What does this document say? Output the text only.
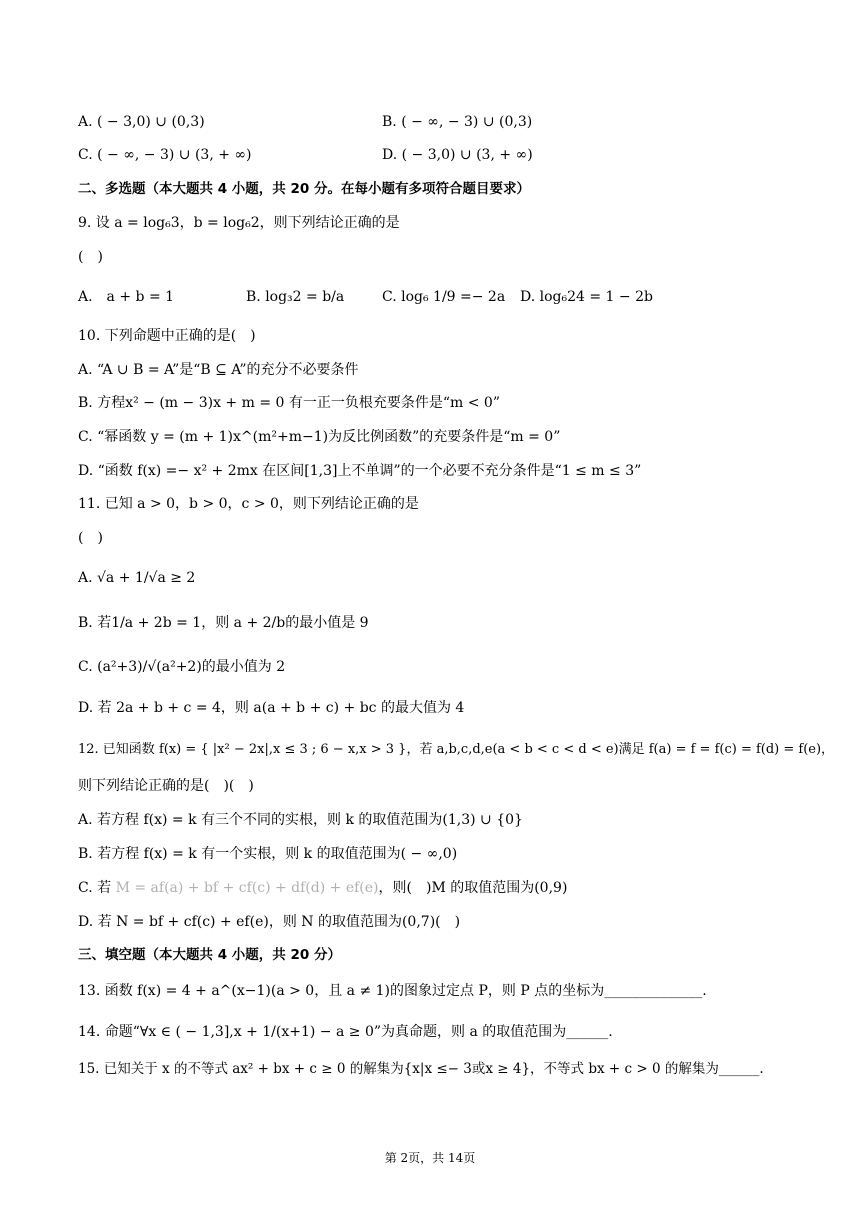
A. ( − 3,0) ∪ (0,3)	B. ( − ∞, − 3) ∪ (0,3)
C. ( − ∞, − 3) ∪ (3, + ∞)	D. ( − 3,0) ∪ (3, + ∞)
二、多选题（本大题共 4 小题，共 20 分。在每小题有多项符合题目要求）
9. 设 a = log₆3，b = log₆2，则下列结论正确的是
(　)
A.　a + b = 1	B. log₃2 = b/a	C. log₆ 1/9 =− 2a D. log₆24 = 1 − 2b
10. 下列命题中正确的是(　)
A. “A ∪ B = A”是“B ⊆ A”的充分不必要条件
B. 方程x² − (m − 3)x + m = 0 有一正一负根充要条件是“m < 0”
C. “幂函数 y = (m + 1)x^(m²+m−1)为反比例函数”的充要条件是“m = 0”
D. “函数 f(x) =− x² + 2mx 在区间[1,3]上不单调”的一个必要不充分条件是“1 ≤ m ≤ 3”
11. 已知 a > 0，b > 0，c > 0，则下列结论正确的是
(　)
A. √a + 1/√a ≥ 2
B. 若1/a + 2b = 1，则 a + 2/b的最小值是 9
C. (a²+3)/√(a²+2)的最小值为 2
D. 若 2a + b + c = 4，则 a(a + b + c) + bc 的最大值为 4
12. 已知函数 f(x) = { |x² − 2x|,x ≤ 3 ; 6 − x,x > 3 }，若 a,b,c,d,e(a < b < c < d < e)满足 f(a) = f = f(c) = f(d) = f(e)，
则下列结论正确的是(　)(　)
A. 若方程 f(x) = k 有三个不同的实根，则 k 的取值范围为(1,3) ∪ {0}
B. 若方程 f(x) = k 有一个实根，则 k 的取值范围为( − ∞,0)
C. 若 M = af(a) + bf + cf(c) + df(d) + ef(e)，则(　)M 的取值范围为(0,9)
D. 若 N = bf + cf(c) + ef(e)，则 N 的取值范围为(0,7)(　)
三、填空题（本大题共 4 小题，共 20 分）
13. 函数 f(x) = 4 + a^(x−1)(a > 0，且 a ≠ 1)的图象过定点 P，则 P 点的坐标为______________.
14. 命题“∀x ∈ ( − 1,3],x + 1/(x+1) − a ≥ 0”为真命题，则 a 的取值范围为______.
15. 已知关于 x 的不等式 ax² + bx + c ≥ 0 的解集为{x|x ≤− 3或x ≥ 4}，不等式 bx + c > 0 的解集为______.
第 2页，共 14页
